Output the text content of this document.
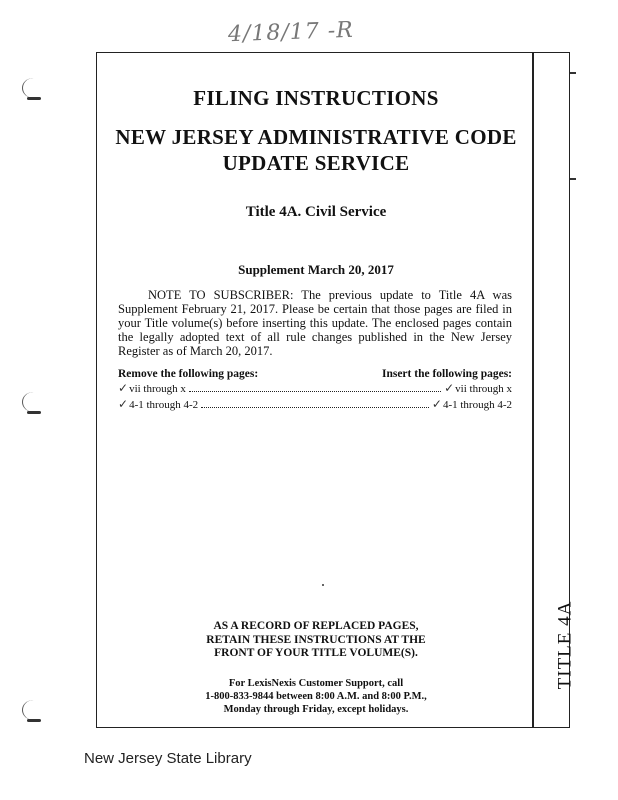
4/18/17 -R
TITLE 4A
FILING INSTRUCTIONS
NEW JERSEY ADMINISTRATIVE CODE
UPDATE SERVICE
Title 4A. Civil Service
Supplement March 20, 2017
NOTE TO SUBSCRIBER: The previous update to Title 4A was Supplement February 21, 2017. Please be certain that those pages are filed in your Title volume(s) before inserting this update. The enclosed pages contain the legally adopted text of all rule changes published in the New Jersey Register as of March 20, 2017.
Remove the following pages:	Insert the following pages:
✓ vii through x	✓ vii through x
✓ 4-1 through 4-2	✓ 4-1 through 4-2
AS A RECORD OF REPLACED PAGES,
RETAIN THESE INSTRUCTIONS AT THE
FRONT OF YOUR TITLE VOLUME(S).
For LexisNexis Customer Support, call
1-800-833-9844 between 8:00 A.M. and 8:00 P.M.,
Monday through Friday, except holidays.
New Jersey State Library
